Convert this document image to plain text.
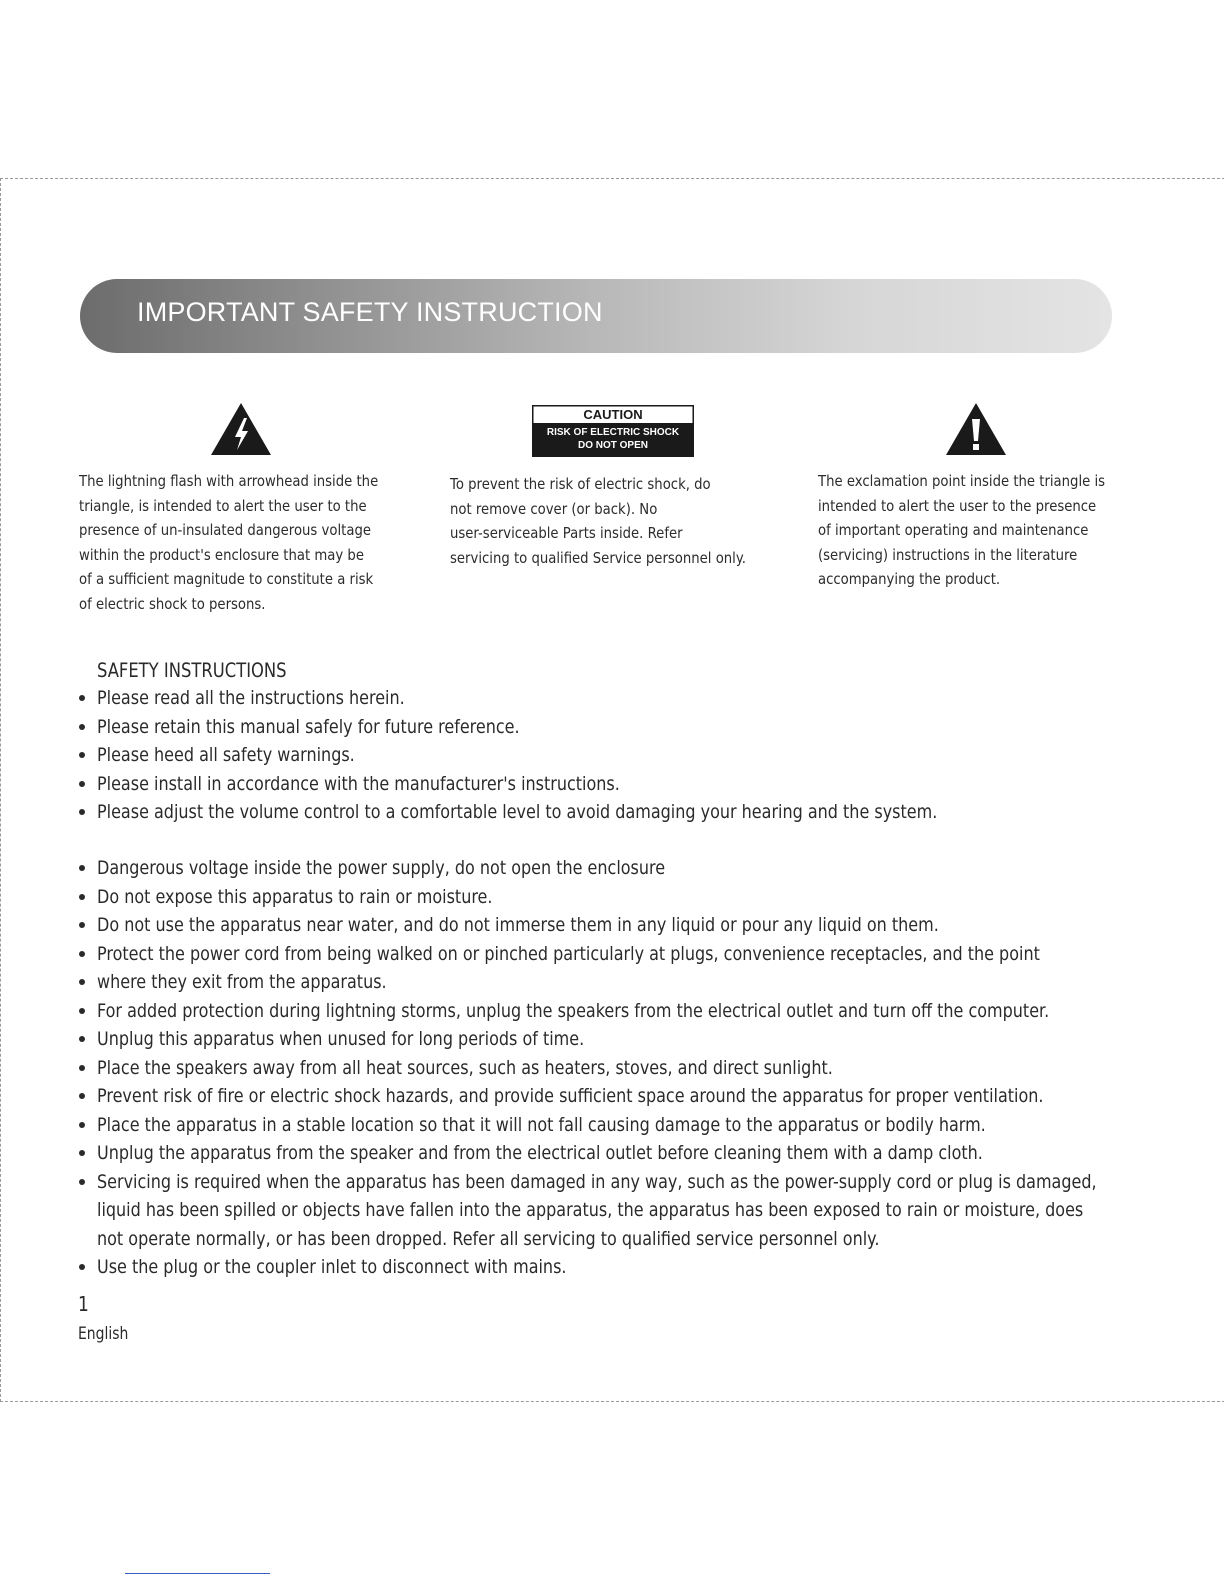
IMPORTANT SAFETY INSTRUCTION
CAUTION
RISK OF ELECTRIC SHOCK
DO NOT OPEN
The lightning flash with arrowhead inside the
triangle, is intended to alert the user to the
presence of un-insulated dangerous voltage
within the product's enclosure that may be
of a sufficient magnitude to constitute a risk
of electric shock to persons.
To prevent the risk of electric shock, do
not remove cover (or back). No
user-serviceable Parts inside. Refer
servicing to qualified Service personnel only.
The exclamation point inside the triangle is
intended to alert the user to the presence
of important operating and maintenance
(servicing) instructions in the literature
accompanying the product.
SAFETY INSTRUCTIONS
Please read all the instructions herein.
Please retain this manual safely for future reference.
Please heed all safety warnings.
Please install in accordance with the manufacturer's instructions.
Please adjust the volume control to a comfortable level to avoid damaging your hearing and the system.
Dangerous voltage inside the power supply, do not open the enclosure
Do not expose this apparatus to rain or moisture.
Do not use the apparatus near water, and do not immerse them in any liquid or pour any liquid on them.
Protect the power cord from being walked on or pinched particularly at plugs, convenience receptacles, and the point
where they exit from the apparatus.
For added protection during lightning storms, unplug the speakers from the electrical outlet and turn off the computer.
Unplug this apparatus when unused for long periods of time.
Place the speakers away from all heat sources, such as heaters, stoves, and direct sunlight.
Prevent risk of fire or electric shock hazards, and provide sufficient space around the apparatus for proper ventilation.
Place the apparatus in a stable location so that it will not fall causing damage to the apparatus or bodily harm.
Unplug the apparatus from the speaker and from the electrical outlet before cleaning them with a damp cloth.
Servicing is required when the apparatus has been damaged in any way, such as the power-supply cord or plug is damaged,
liquid has been spilled or objects have fallen into the apparatus, the apparatus has been exposed to rain or moisture, does
not operate normally, or has been dropped. Refer all servicing to qualified service personnel only.
Use the plug or the coupler inlet to disconnect with mains.
1
English
